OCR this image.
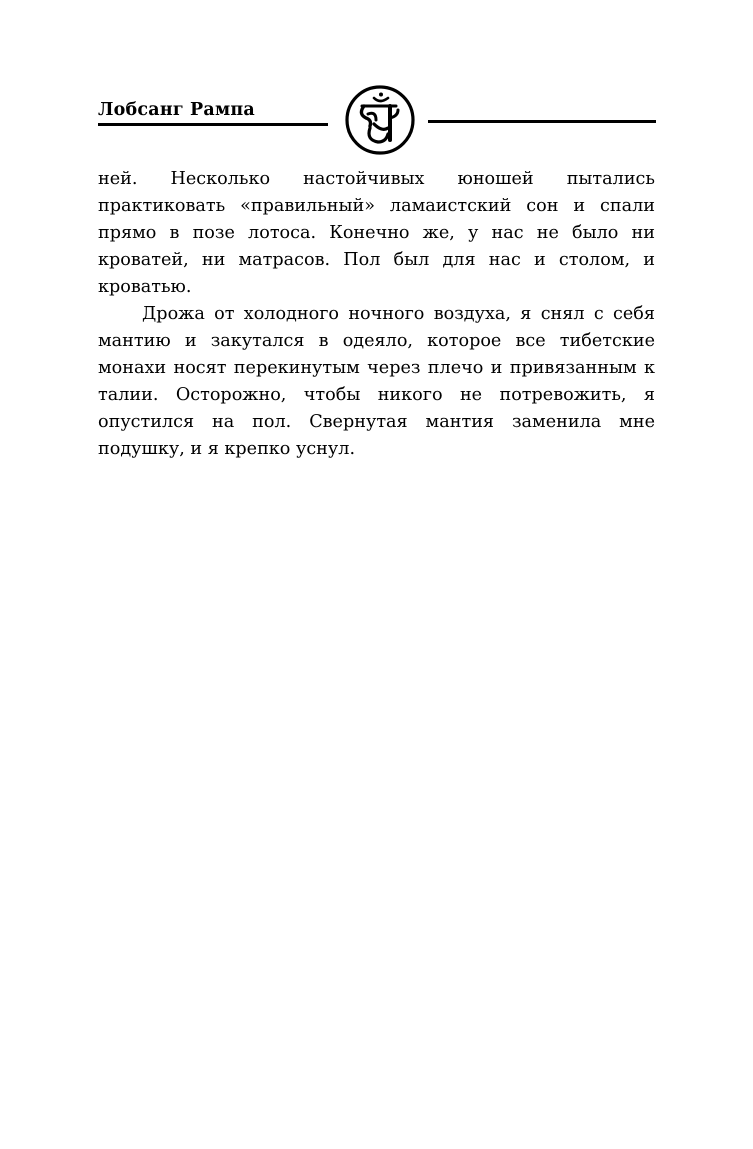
Лобсанг Рампа

ней. Несколько настойчивых юношей пытались практиковать «правильный» ламаистский сон и спали прямо в позе лотоса. Конечно же, у нас не было ни кроватей, ни матрасов. Пол был для нас и столом, и кроватью.

Дрожа от холодного ночного воздуха, я снял с себя мантию и закутался в одеяло, которое все тибетские монахи носят перекинутым через плечо и привязанным к талии. Осторожно, чтобы никого не потревожить, я опустился на пол. Свернутая мантия заменила мне подушку, и я крепко уснул.
